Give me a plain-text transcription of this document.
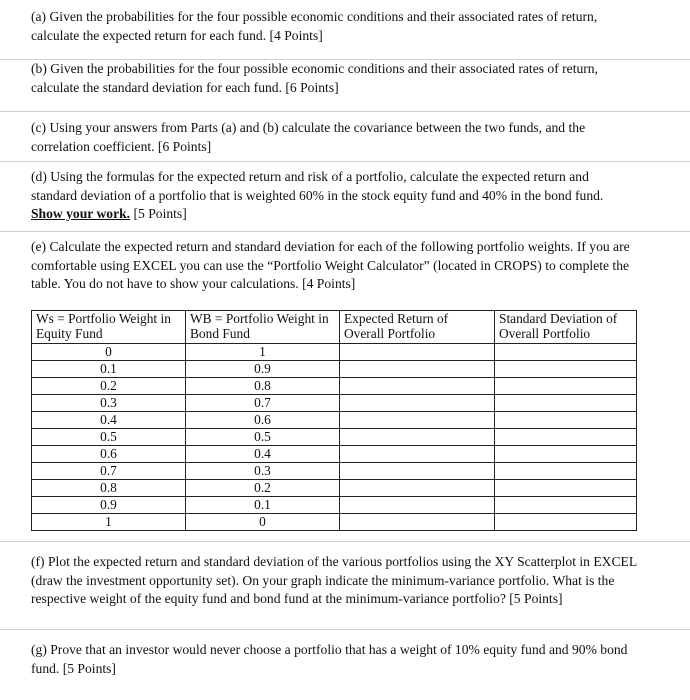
(a) Given the probabilities for the four possible economic conditions and their associated rates of return, calculate the expected return for each fund. [4 Points]

(b) Given the probabilities for the four possible economic conditions and their associated rates of return, calculate the standard deviation for each fund. [6 Points]

(c) Using your answers from Parts (a) and (b) calculate the covariance between the two funds, and the correlation coefficient. [6 Points]

(d) Using the formulas for the expected return and risk of a portfolio, calculate the expected return and standard deviation of a portfolio that is weighted 60% in the stock equity fund and 40% in the bond fund. Show your work. [5 Points]

(e) Calculate the expected return and standard deviation for each of the following portfolio weights. If you are comfortable using EXCEL you can use the “Portfolio Weight Calculator” (located in CROPS) to complete the table. You do not have to show your calculations. [4 Points]

Ws = Portfolio Weight in Equity Fund	WB = Portfolio Weight in Bond Fund	Expected Return of Overall Portfolio	Standard Deviation of Overall Portfolio
0	1		
0.1	0.9		
0.2	0.8		
0.3	0.7		
0.4	0.6		
0.5	0.5		
0.6	0.4		
0.7	0.3		
0.8	0.2		
0.9	0.1		
1	0		

(f) Plot the expected return and standard deviation of the various portfolios using the XY Scatterplot in EXCEL (draw the investment opportunity set). On your graph indicate the minimum-variance portfolio. What is the respective weight of the equity fund and bond fund at the minimum-variance portfolio? [5 Points]

(g) Prove that an investor would never choose a portfolio that has a weight of 10% equity fund and 90% bond fund. [5 Points]
